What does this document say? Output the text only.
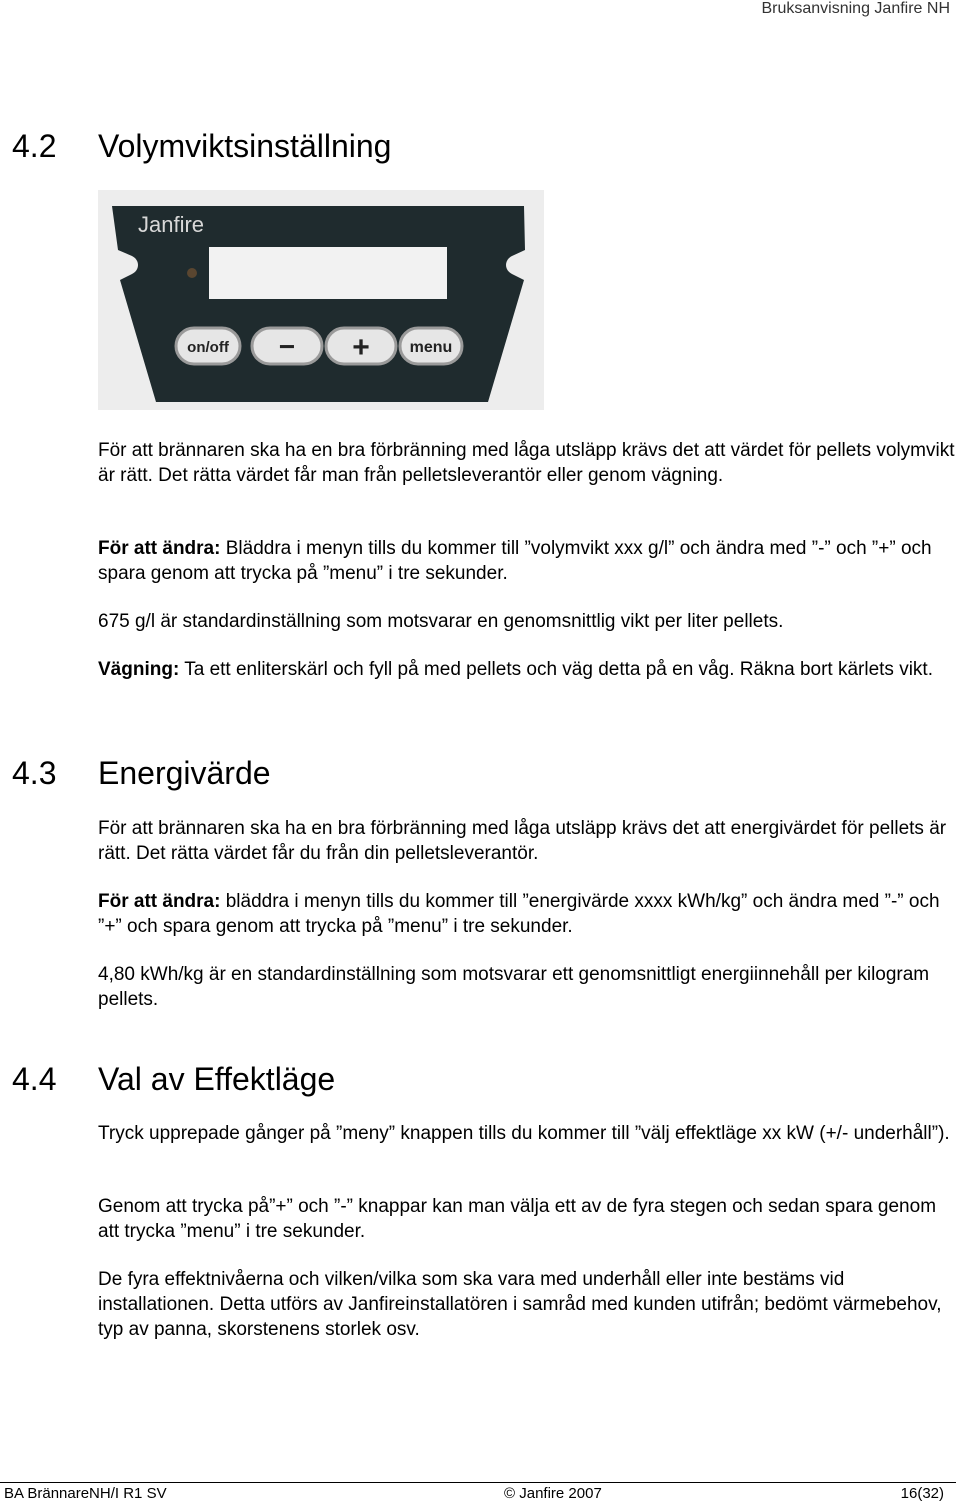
Bruksanvisning Janfire NH
4.2 Volymviktsinställning
Janfire
on/off − + menu

För att brännaren ska ha en bra förbränning med låga utsläpp krävs det att värdet för pellets volymvikt är rätt. Det rätta värdet får man från pelletsleverantör eller genom vägning.

För att ändra: Bläddra i menyn tills du kommer till ”volymvikt xxx g/l” och ändra med ”-” och ”+” och spara genom att trycka på ”menu” i tre sekunder.

675 g/l är standardinställning som motsvarar en genomsnittlig vikt per liter pellets.

Vägning: Ta ett enliterskärl och fyll på med pellets och väg detta på en våg. Räkna bort kärlets vikt.

4.3 Energivärde

För att brännaren ska ha en bra förbränning med låga utsläpp krävs det att energivärdet för pellets är rätt. Det rätta värdet får du från din pelletsleverantör.

För att ändra: bläddra i menyn tills du kommer till ”energivärde xxxx kWh/kg” och ändra med ”-” och ”+” och spara genom att trycka på ”menu” i tre sekunder.

4,80 kWh/kg är en standardinställning som motsvarar ett genomsnittligt energiinnehåll per kilogram pellets.

4.4 Val av Effektläge

Tryck upprepade gånger på ”meny” knappen tills du kommer till ”välj effektläge xx kW (+/- underhåll”).

Genom att trycka på”+” och ”-” knappar kan man välja ett av de fyra stegen och sedan spara genom att trycka ”menu” i tre sekunder.

De fyra effektnivåerna och vilken/vilka som ska vara med underhåll eller inte bestäms vid installationen. Detta utförs av Janfireinstallatören i samråd med kunden utifrån; bedömt värmebehov, typ av panna, skorstenens storlek osv.

BA BrännareNH/I R1 SV	© Janfire 2007	16(32)
